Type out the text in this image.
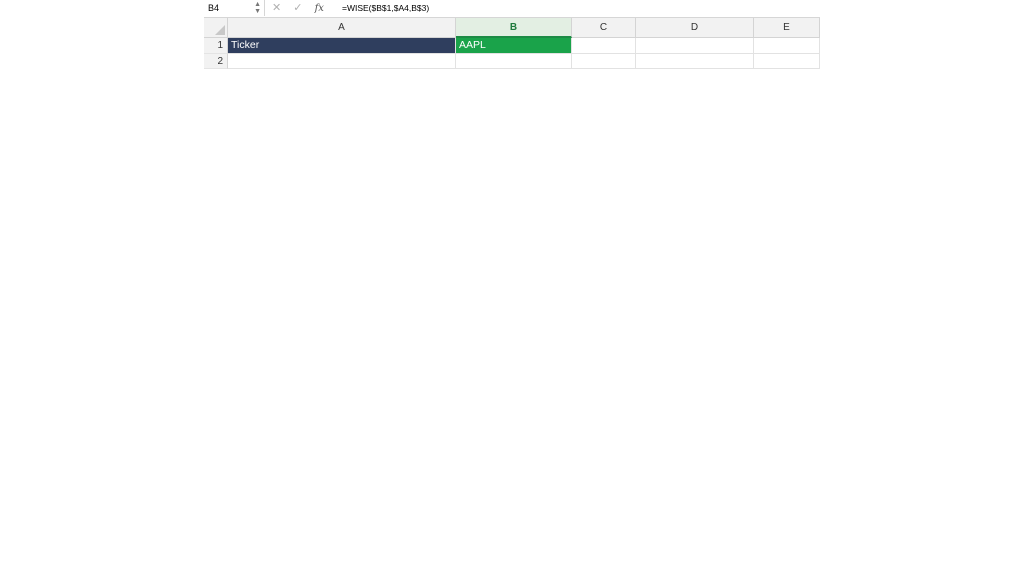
B4	▲
▼ ✕ ✓ fx	=WISE($B$1,$A4,B$3)
A	B	C	D	E
1 Ticker	AAPL
2
